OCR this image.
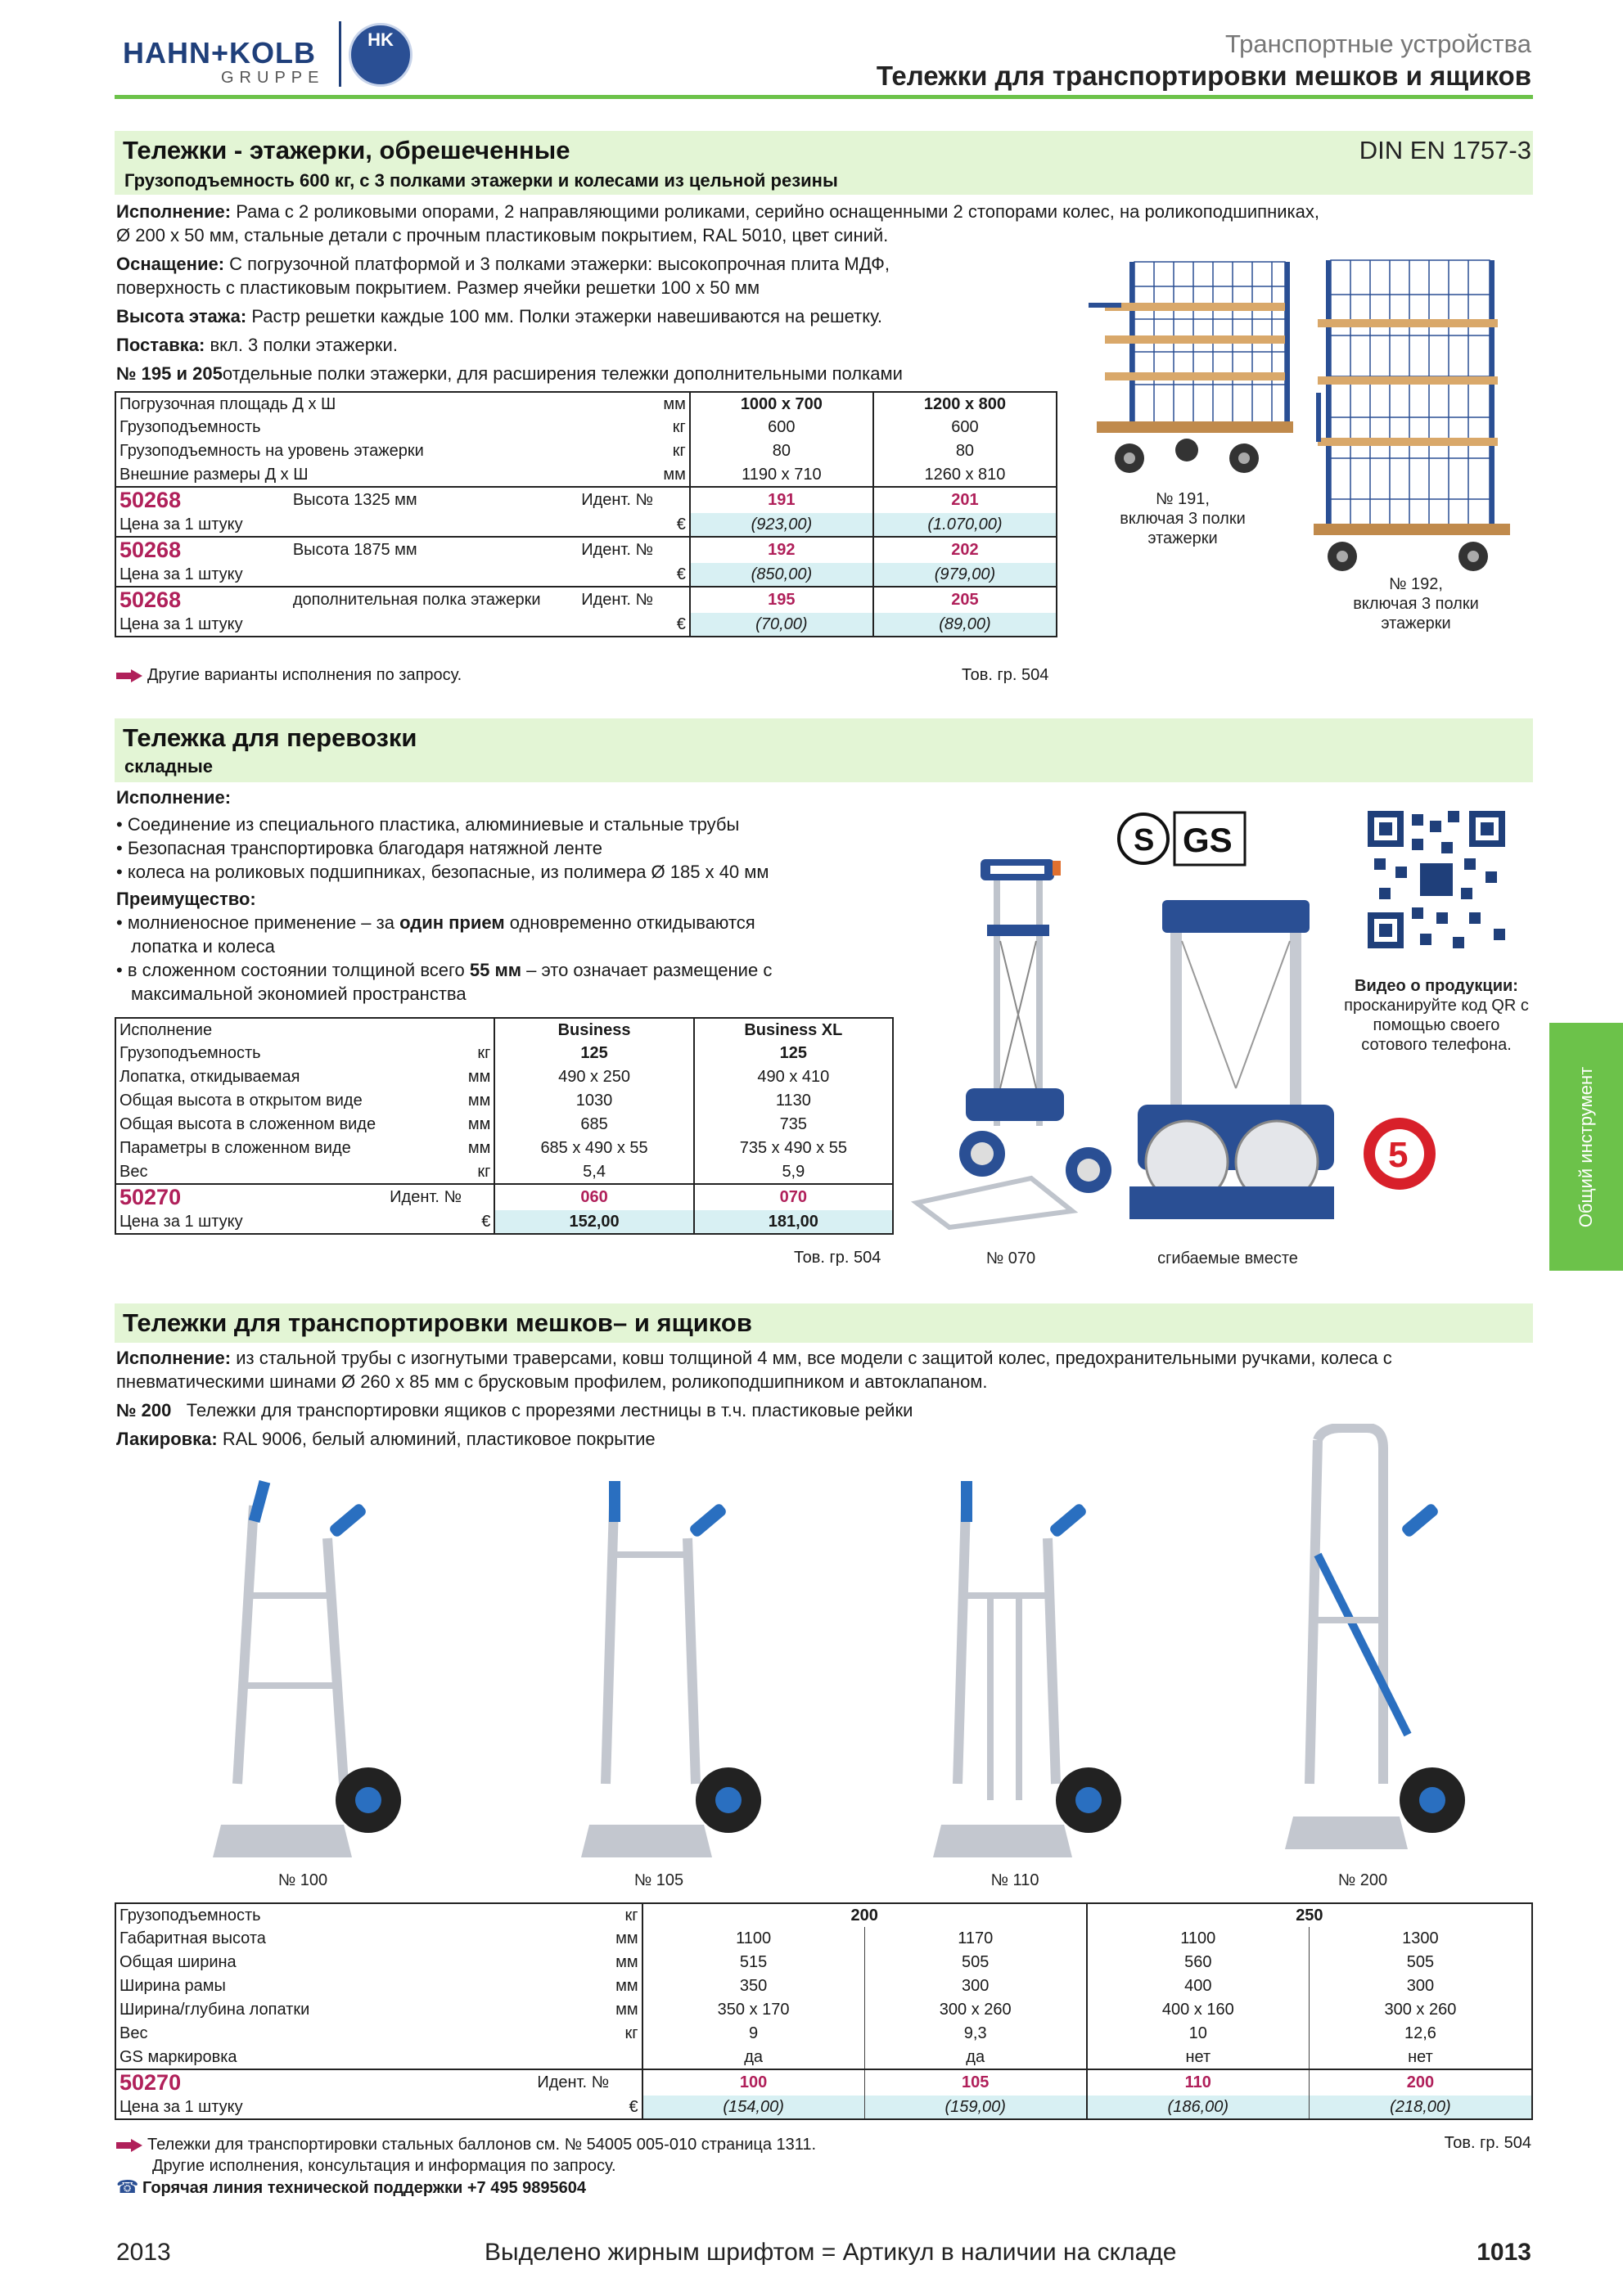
HAHN+KOLB
GRUPPE
HK	Транспортные устройства
Тележки для транспортировки мешков и ящиков
Тележки - этажерки, обрешеченные	DIN EN 1757-3
Грузоподъемность 600 кг, с 3 полками этажерки и колесами из цельной резины
Исполнение: Рама с 2 роликовыми опорами, 2 направляющими роликами, серийно оснащенными 2 стопорами колес, на роликоподшипниках,
Ø 200 x 50 мм, стальные детали с прочным пластиковым покрытием, RAL 5010, цвет синий.
Оснащение: С погрузочной платформой и 3 полками этажерки: высокопрочная плита МДФ,
поверхность с пластиковым покрытием. Размер ячейки решетки 100 x 50 мм
Высота этажа: Растр решетки каждые 100 мм. Полки этажерки навешиваются на решетку.
Поставка: вкл. 3 полки этажерки.
№ 195 и 205отдельные полки этажерки, для расширения тележки дополнительными полками
Погрузочная площадь Д x Ш		мм	1000 x 700	1200 x 800
Грузоподъемность		кг	600	600
Грузоподъемность на уровень этажерки		кг	80	80
Внешние размеры Д x Ш		мм	1190 x 710	1260 x 810
50268	Высота 1325 мм Идент. №		191	201
Цена за 1 штуку		€	(923,00)	(1.070,00)
50268	Высота 1875 мм Идент. №		192	202
Цена за 1 штуку		€	(850,00)	(979,00)
50268	дополнительная полка этажерки Идент. №		195	205
Цена за 1 штуку		€	(70,00)	(89,00)
Другие варианты исполнения по запросу.	Тов. гр. 504
№ 191,
включая 3 полки
этажерки
№ 192,
включая 3 полки
этажерки
Тележка для перевозки
складные
Исполнение:
• Соединение из специального пластика, алюминиевые и стальные трубы
• Безопасная транспортировка благодаря натяжной ленте
• колеса на роликовых подшипниках, безопасные, из полимера Ø 185 x 40 мм
Преимущество:
• молниеносное применение – за один прием одновременно откидываются
лопатка и колеса
• в сложенном состоянии толщиной всего 55 мм – это означает размещение с
максимальной экономией пространства
Исполнение			Business	Business XL
Грузоподъемность		кг	125	125
Лопатка, откидываемая		мм	490 x 250	490 x 410
Общая высота в открытом виде		мм	1030	1130
Общая высота в сложенном виде		мм	685	735
Параметры в сложенном виде		мм	685 x 490 x 55	735 x 490 x 55
Вес		кг	5,4	5,9
50270	Идент. №		060	070
Цена за 1 штуку		€	152,00	181,00
Тов. гр. 504	№ 070	сгибаемые вместе
S GS
Видео о продукции:
просканируйте код QR с
помощью своего
сотового телефона.
5	Общий инструмент
Тележки для транспортировки мешков– и ящиков
Исполнение: из стальной трубы с изогнутыми траверсами, ковш толщиной 4 мм, все модели с защитой колес, предохранительными ручками, колеса с
пневматическими шинами Ø 260 x 85 мм с брусковым профилем, роликоподшипником и автоклапаном.
№ 200 Тележки для транспортировки ящиков с прорезями лестницы в т.ч. пластиковые рейки
Лакировка: RAL 9006, белый алюминий, пластиковое покрытие
№ 100	№ 105	№ 110	№ 200
Грузоподъемность		кг	200		250	
Габаритная высота		мм	1100	1170	1100	1300
Общая ширина		мм	515	505	560	505
Ширина рамы		мм	350	300	400	300
Ширина/глубина лопатки		мм	350 x 170	300 x 260	400 x 160	300 x 260
Вес		кг	9	9,3	10	12,6
GS маркировка			да	да	нет	нет
50270	Идент. №		100	105	110	200
Цена за 1 штуку		€	(154,00)	(159,00)	(186,00)	(218,00)
Тележки для транспортировки стальных баллонов см. № 54005 005-010 страница 1311.
Другие исполнения, консультация и информация по запросу.
☎ Горячая линия технической поддержки +7 495 9895604
Тов. гр. 504
2013	Выделено жирным шрифтом = Артикул в наличии на складе	1013
